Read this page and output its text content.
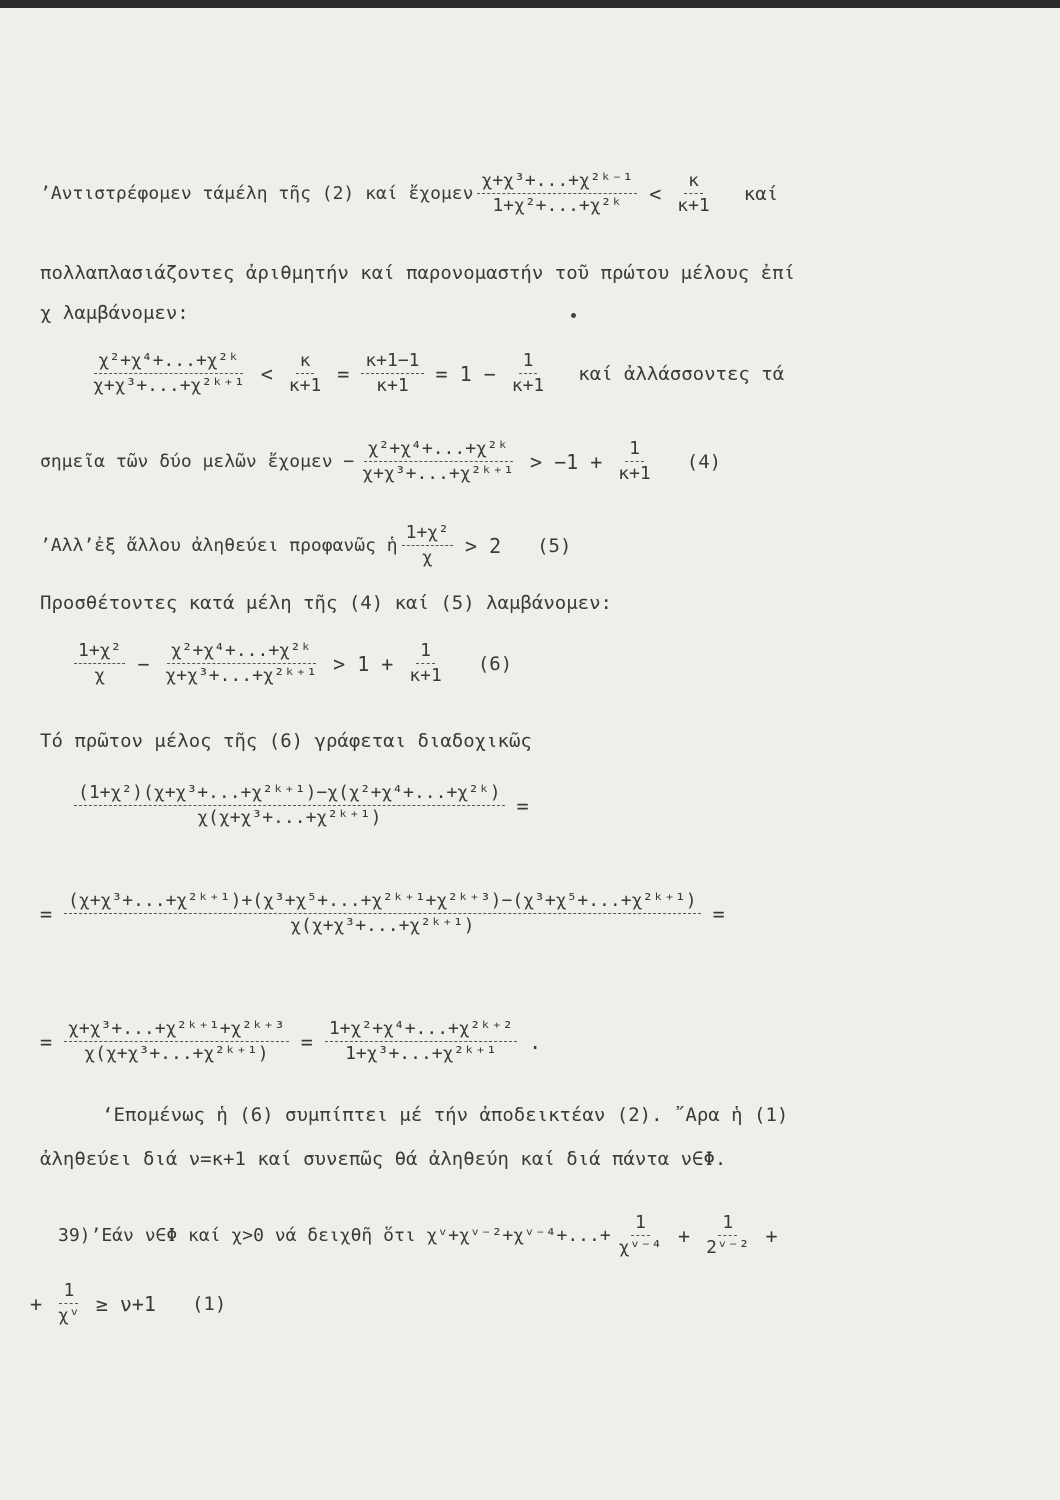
’Αντιστρέφομεν τάμέλη τῆς (2) καί ἔχομεν $\frac{\text{χ+χ³+...+χ²ᵏ⁻¹}}{\text{1+χ²+...+χ²ᵏ}} < \frac{\kappa}{\kappa+1}$ καί
πολλαπλασιάζοντες ἀριθμητήν καί παρονομαστήν τοῦ πρώτου μέλους ἐπί
χ λαμβάνομεν:
$\frac{\text{χ²+χ⁴+...+χ²ᵏ}}{\text{χ+χ³+...+χ²ᵏ⁺¹}} < \frac{\kappa}{\kappa+1} = \frac{\kappa+1-1}{\kappa+1} = 1 - \frac{1}{\kappa+1}$ καί ἀλλάσσοντες τά
σημεῖα τῶν δύο μελῶν ἔχομεν − $\frac{\text{χ²+χ⁴+...+χ²ᵏ}}{\text{χ+χ³+...+χ²ᵏ⁺¹}} > -1 + \frac{1}{\kappa+1} (4)$
’Αλλ’ἐξ ἄλλου ἀληθεύει προφανῶς ἡ $\frac{\text{1+χ²}}{\chi} > 2$ (5)
Προσθέτοντες κατά μέλη τῆς (4) καί (5) λαμβάνομεν:
$\frac{\text{1+χ²}}{\chi} - \frac{\text{χ²+χ⁴+...+χ²ᵏ}}{\text{χ+χ³+...+χ²ᵏ⁺¹}} > 1 + \frac{1}{\kappa+1} (6)$
Τό πρῶτον μέλος τῆς (6) γράφεται διαδοχικῶς
$\frac{\text{(1+χ²)(χ+χ³+...+χ²ᵏ⁺¹)−χ(χ²+χ⁴+...+χ²ᵏ)}}{\text{χ(χ+χ³+...+χ²ᵏ⁺¹)}}$ =
= $\frac{\text{(χ+χ³+...+χ²ᵏ⁺¹)+(χ³+χ⁵+...+χ²ᵏ⁺¹+χ²ᵏ⁺³)−(χ³+χ⁵+...+χ²ᵏ⁺¹)}}{\text{χ(χ+χ³+...+χ²ᵏ⁺¹)}}$ =
= $\frac{\text{χ+χ³+...+χ²ᵏ⁺¹+χ²ᵏ⁺³}}{\text{χ(χ+χ³+...+χ²ᵏ⁺¹)}} = \frac{\text{1+χ²+χ⁴+...+χ²ᵏ⁺²}}{\text{1+χ³+...+χ²ᵏ⁺¹}}$ .
‘Επομένως ἡ (6) συμπίπτει μέ τήν ἀποδεικτέαν (2). ῎Αρα ἡ (1)
ἀληθεύει διά ν=κ+1 καί συνεπῶς θά ἀληθεύη καί διά πάντα ν∈Φ.
39)’Εάν ν∈Φ καί χ>0 νά δειχθῆ ὅτι χᵛ+χᵛ⁻²+χᵛ⁻⁴+...+ $\frac{1}{\text{χᵛ⁻⁴}} + \frac{1}{\text{2ᵛ⁻²}}$ +
+ $\frac{1}{\text{χᵛ}} \ge \nu+1$ (1)
